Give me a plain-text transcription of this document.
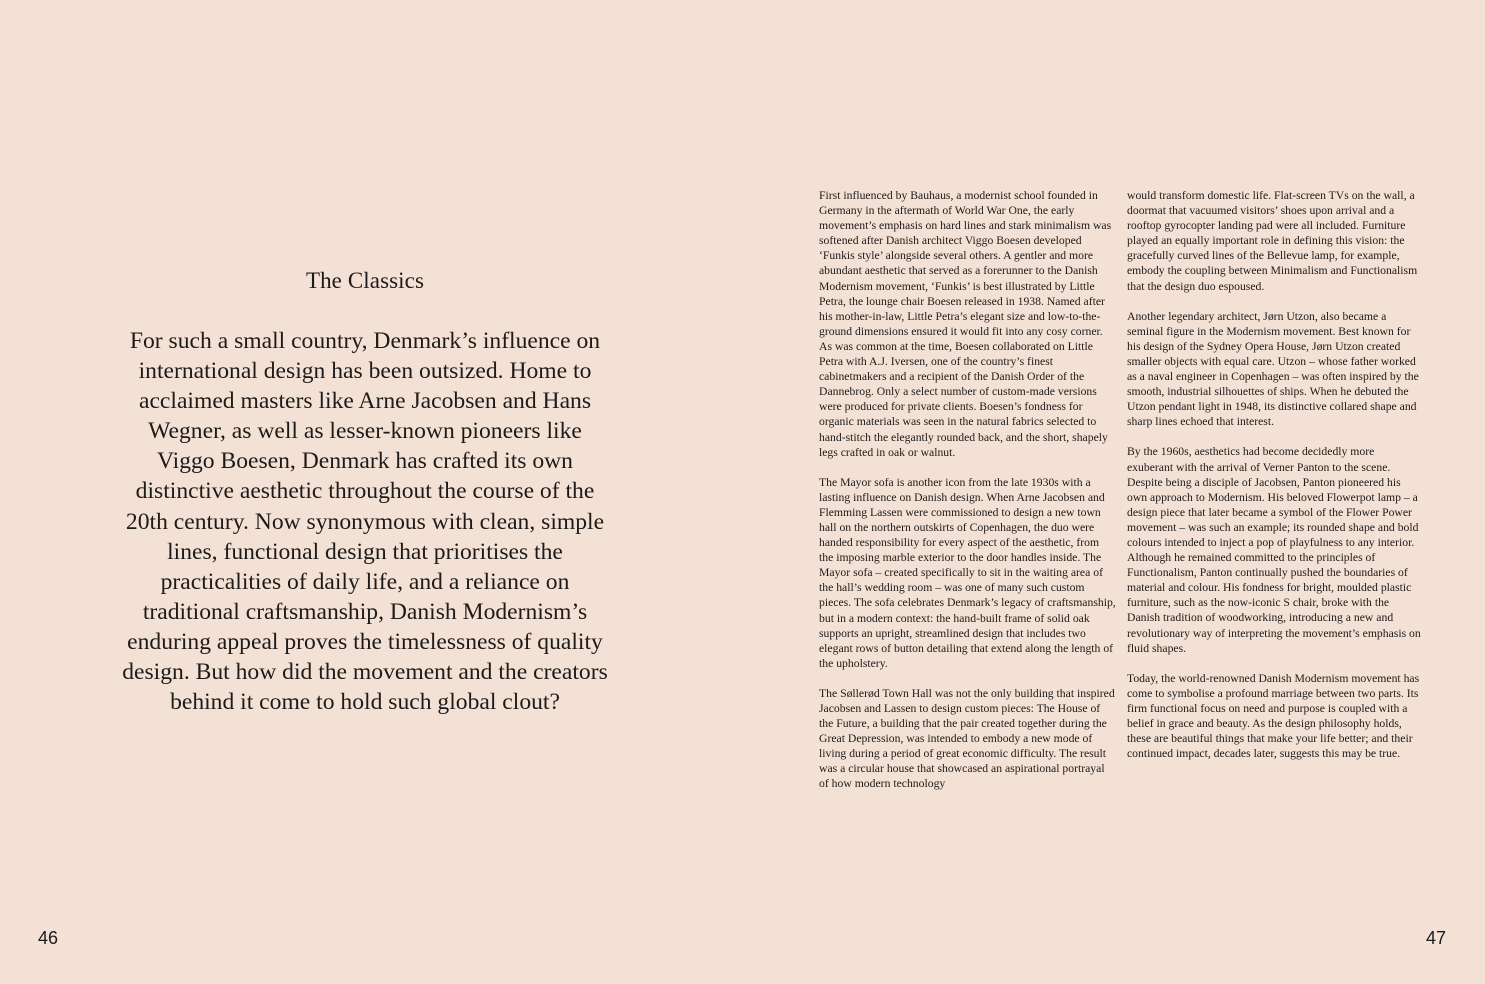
The Classics

For such a small country, Denmark’s influence on international design has been outsized. Home to acclaimed masters like Arne Jacobsen and Hans Wegner, as well as lesser-known pioneers like Viggo Boesen, Denmark has crafted its own distinctive aesthetic throughout the course of the 20th century. Now synonymous with clean, simple lines, functional design that prioritises the practicalities of daily life, and a reliance on traditional craftsmanship, Danish Modernism’s enduring appeal proves the timelessness of quality design. But how did the movement and the creators behind it come to hold such global clout?

46

First influenced by Bauhaus, a modernist school founded in Germany in the aftermath of World War One, the early movement’s emphasis on hard lines and stark minimalism was softened after Danish architect Viggo Boesen developed ‘Funkis style’ alongside several others. A gentler and more abundant aesthetic that served as a forerunner to the Danish Modernism movement, ‘Funkis’ is best illustrated by Little Petra, the lounge chair Boesen released in 1938. Named after his mother-in-law, Little Petra’s elegant size and low-to-the-ground dimensions ensured it would fit into any cosy corner. As was common at the time, Boesen collaborated on Little Petra with A.J. Iversen, one of the country’s finest cabinetmakers and a recipient of the Danish Order of the Dannebrog. Only a select number of custom-made versions were produced for private clients. Boesen’s fondness for organic materials was seen in the natural fabrics selected to hand-stitch the elegantly rounded back, and the short, shapely legs crafted in oak or walnut.

The Mayor sofa is another icon from the late 1930s with a lasting influence on Danish design. When Arne Jacobsen and Flemming Lassen were commissioned to design a new town hall on the northern outskirts of Copenhagen, the duo were handed responsibility for every aspect of the aesthetic, from the imposing marble exterior to the door handles inside. The Mayor sofa – created specifically to sit in the waiting area of the hall’s wedding room – was one of many such custom pieces. The sofa celebrates Denmark’s legacy of craftsmanship, but in a modern context: the hand-built frame of solid oak supports an upright, streamlined design that includes two elegant rows of button detailing that extend along the length of the upholstery.

The Søllerød Town Hall was not the only building that inspired Jacobsen and Lassen to design custom pieces: The House of the Future, a building that the pair created together during the Great Depression, was intended to embody a new mode of living during a period of great economic difficulty. The result was a circular house that showcased an aspirational portrayal of how modern technology

would transform domestic life. Flat-screen TVs on the wall, a doormat that vacuumed visitors’ shoes upon arrival and a rooftop gyrocopter landing pad were all included. Furniture played an equally important role in defining this vision: the gracefully curved lines of the Bellevue lamp, for example, embody the coupling between Minimalism and Functionalism that the design duo espoused.

Another legendary architect, Jørn Utzon, also became a seminal figure in the Modernism movement. Best known for his design of the Sydney Opera House, Jørn Utzon created smaller objects with equal care. Utzon – whose father worked as a naval engineer in Copenhagen – was often inspired by the smooth, industrial silhouettes of ships. When he debuted the Utzon pendant light in 1948, its distinctive collared shape and sharp lines echoed that interest.

By the 1960s, aesthetics had become decidedly more exuberant with the arrival of Verner Panton to the scene. Despite being a disciple of Jacobsen, Panton pioneered his own approach to Modernism. His beloved Flowerpot lamp – a design piece that later became a symbol of the Flower Power movement – was such an example; its rounded shape and bold colours intended to inject a pop of playfulness to any interior. Although he remained committed to the principles of Functionalism, Panton continually pushed the boundaries of material and colour. His fondness for bright, moulded plastic furniture, such as the now-iconic S chair, broke with the Danish tradition of woodworking, introducing a new and revolutionary way of interpreting the movement’s emphasis on fluid shapes.

Today, the world-renowned Danish Modernism movement has come to symbolise a profound marriage between two parts. Its firm functional focus on need and purpose is coupled with a belief in grace and beauty. As the design philosophy holds, these are beautiful things that make your life better; and their continued impact, decades later, suggests this may be true.

47
